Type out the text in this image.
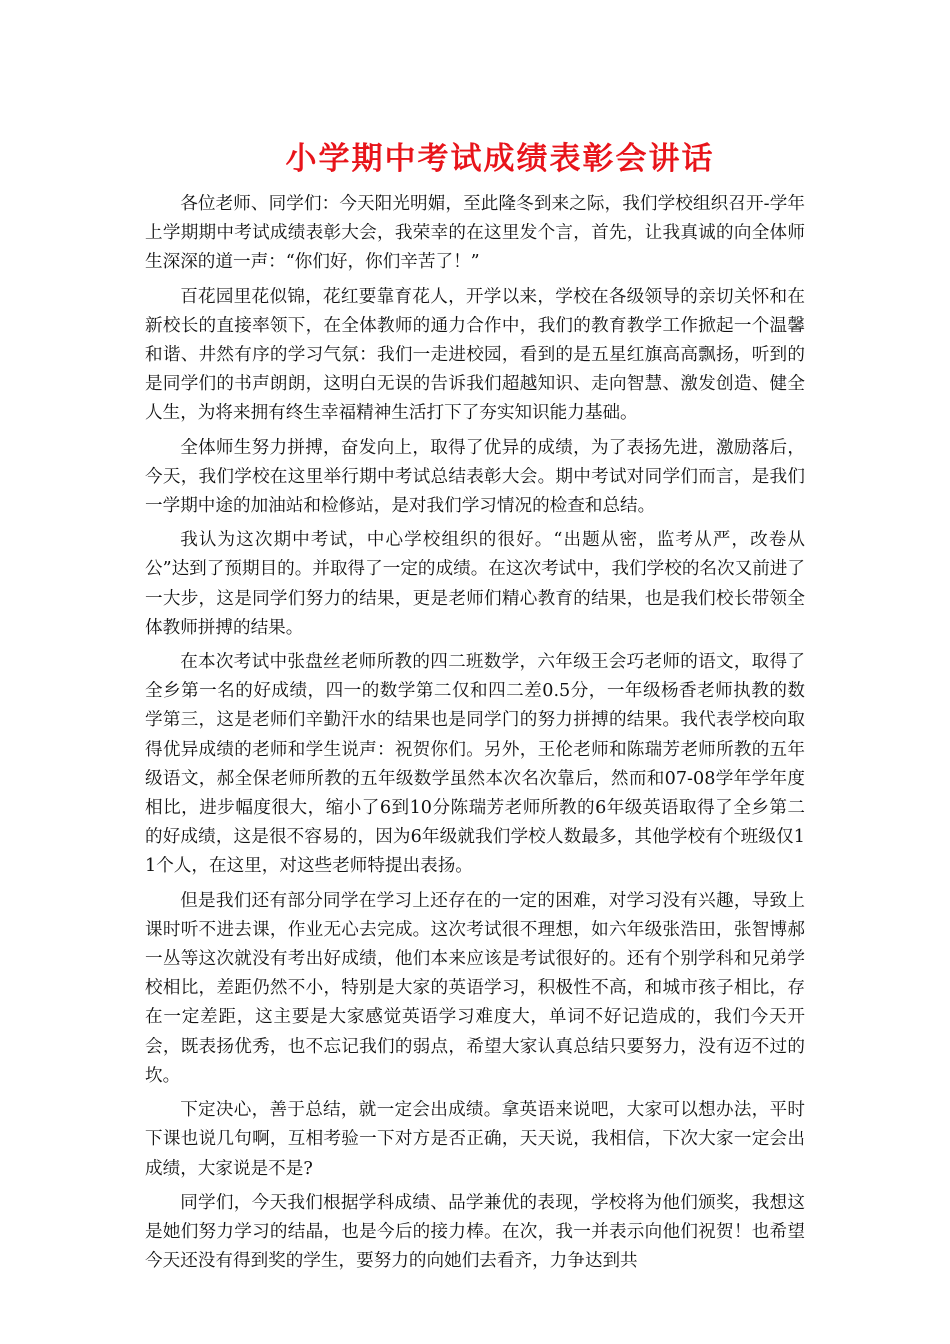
小学期中考试成绩表彰会讲话

各位老师、同学们：今天阳光明媚，至此隆冬到来之际，我们学校组织召开-学年上学期期中考试成绩表彰大会，我荣幸的在这里发个言，首先，让我真诚的向全体师生深深的道一声：“你们好，你们辛苦了！”

百花园里花似锦，花红要靠育花人，开学以来，学校在各级领导的亲切关怀和在新校长的直接率领下，在全体教师的通力合作中，我们的教育教学工作掀起一个温馨和谐、井然有序的学习气氛：我们一走进校园，看到的是五星红旗高高飘扬，听到的是同学们的书声朗朗，这明白无误的告诉我们超越知识、走向智慧、激发创造、健全人生，为将来拥有终生幸福精神生活打下了夯实知识能力基础。

全体师生努力拼搏，奋发向上，取得了优异的成绩，为了表扬先进，激励落后，今天，我们学校在这里举行期中考试总结表彰大会。期中考试对同学们而言，是我们一学期中途的加油站和检修站，是对我们学习情况的检查和总结。

我认为这次期中考试，中心学校组织的很好。“出题从密，监考从严，改卷从公”达到了预期目的。并取得了一定的成绩。在这次考试中，我们学校的名次又前进了一大步，这是同学们努力的结果，更是老师们精心教育的结果，也是我们校长带领全体教师拼搏的结果。

在本次考试中张盘丝老师所教的四二班数学，六年级王会巧老师的语文，取得了全乡第一名的好成绩，四一的数学第二仅和四二差0.5分，一年级杨香老师执教的数学第三，这是老师们辛勤汗水的结果也是同学门的努力拼搏的结果。我代表学校向取得优异成绩的老师和学生说声：祝贺你们。另外，王伦老师和陈瑞芳老师所教的五年级语文，郝全保老师所教的五年级数学虽然本次名次靠后，然而和07-08学年学年度相比，进步幅度很大，缩小了6到10分陈瑞芳老师所教的6年级英语取得了全乡第二的好成绩，这是很不容易的，因为6年级就我们学校人数最多，其他学校有个班级仅11个人，在这里，对这些老师特提出表扬。

但是我们还有部分同学在学习上还存在的一定的困难，对学习没有兴趣，导致上课时听不进去课，作业无心去完成。这次考试很不理想，如六年级张浩田，张智博郝一丛等这次就没有考出好成绩，他们本来应该是考试很好的。还有个别学科和兄弟学校相比，差距仍然不小，特别是大家的英语学习，积极性不高，和城市孩子相比，存在一定差距，这主要是大家感觉英语学习难度大，单词不好记造成的，我们今天开会，既表扬优秀，也不忘记我们的弱点，希望大家认真总结只要努力，没有迈不过的坎。

下定决心，善于总结，就一定会出成绩。拿英语来说吧，大家可以想办法，平时下课也说几句啊，互相考验一下对方是否正确，天天说，我相信，下次大家一定会出成绩，大家说是不是?

同学们，今天我们根据学科成绩、品学兼优的表现，学校将为他们颁奖，我想这是她们努力学习的结晶，也是今后的接力棒。在次，我一并表示向他们祝贺！也希望今天还没有得到奖的学生，要努力的向她们去看齐，力争达到共
